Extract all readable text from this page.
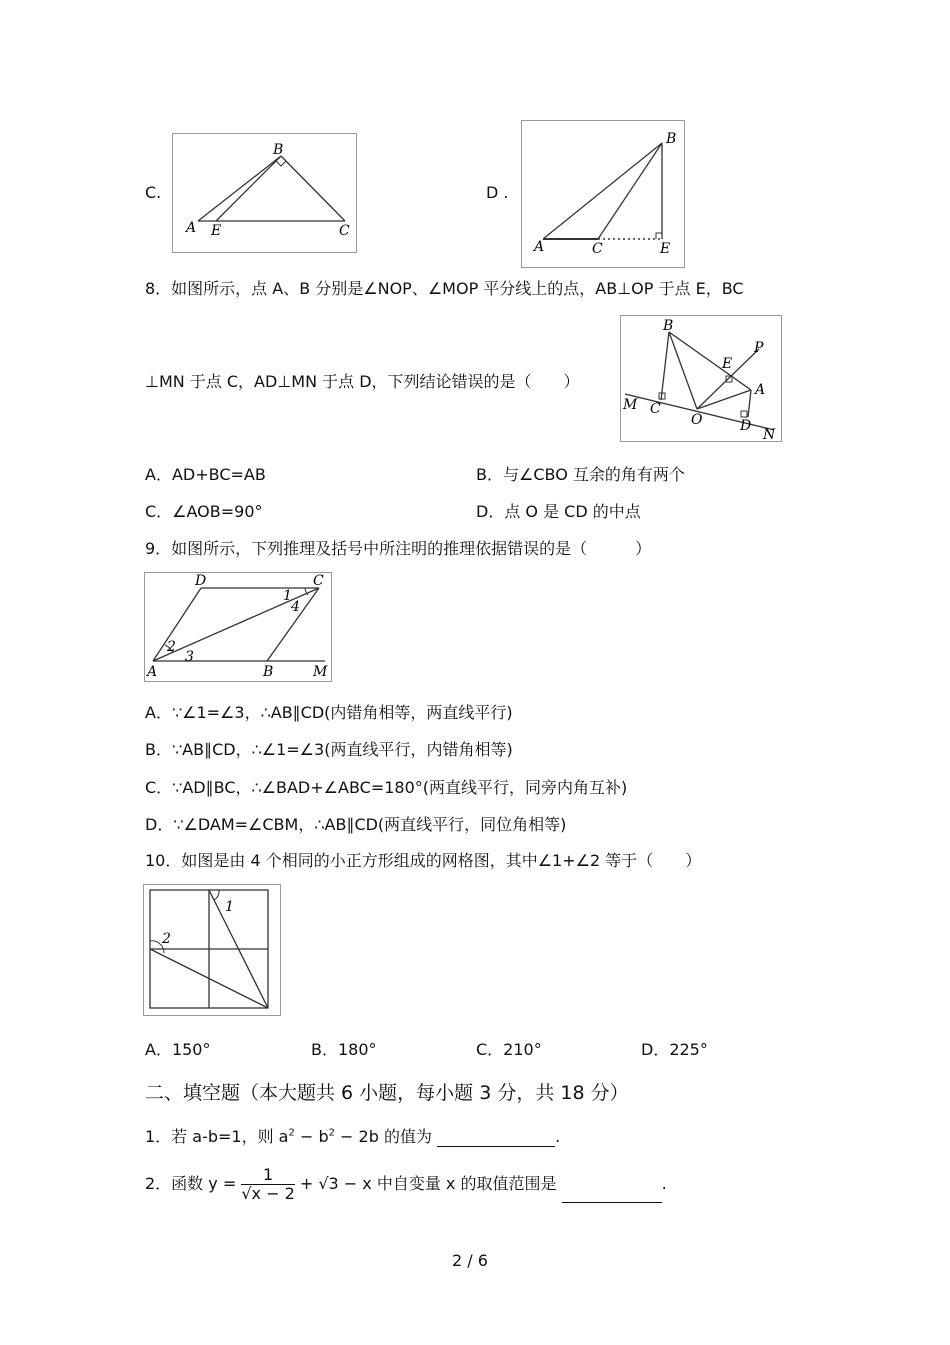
C.
B
A E	C
D .
B
A	C	E
8．如图所示，点 A、B 分别是∠NOP、∠MOP 平分线上的点，AB⊥OP 于点 E，BC
⊥MN 于点 C，AD⊥MN 于点 D，下列结论错误的是（　　）
B
P
E
A
M C
O	D
N
A．AD+BC=AB	B．与∠CBO 互余的角有两个
C．∠AOB=90°	D．点 O 是 CD 的中点
9．如图所示，下列推理及括号中所注明的推理依据错误的是（　　　）
D	C
A	B	M
1
2
3
4
A．∵∠1=∠3，∴AB∥CD(内错角相等，两直线平行)
B．∵AB∥CD，∴∠1=∠3(两直线平行，内错角相等)
C．∵AD∥BC，∴∠BAD+∠ABC=180°(两直线平行，同旁内角互补)
D．∵∠DAM=∠CBM，∴AB∥CD(两直线平行，同位角相等)
10．如图是由 4 个相同的小正方形组成的网格图，其中∠1+∠2 等于（　　）
1
2
A．150°	B．180°	C．210°	D．225°
二、填空题（本大题共 6 小题，每小题 3 分，共 18 分）
1．若 a-b=1，则 $a^2 - b^2 - 2b$ 的值为	.
2．函数 $y = \frac{1}{√x - 2} + √3 - x$ 中自变量 x 的取值范围是	.
2 / 6
